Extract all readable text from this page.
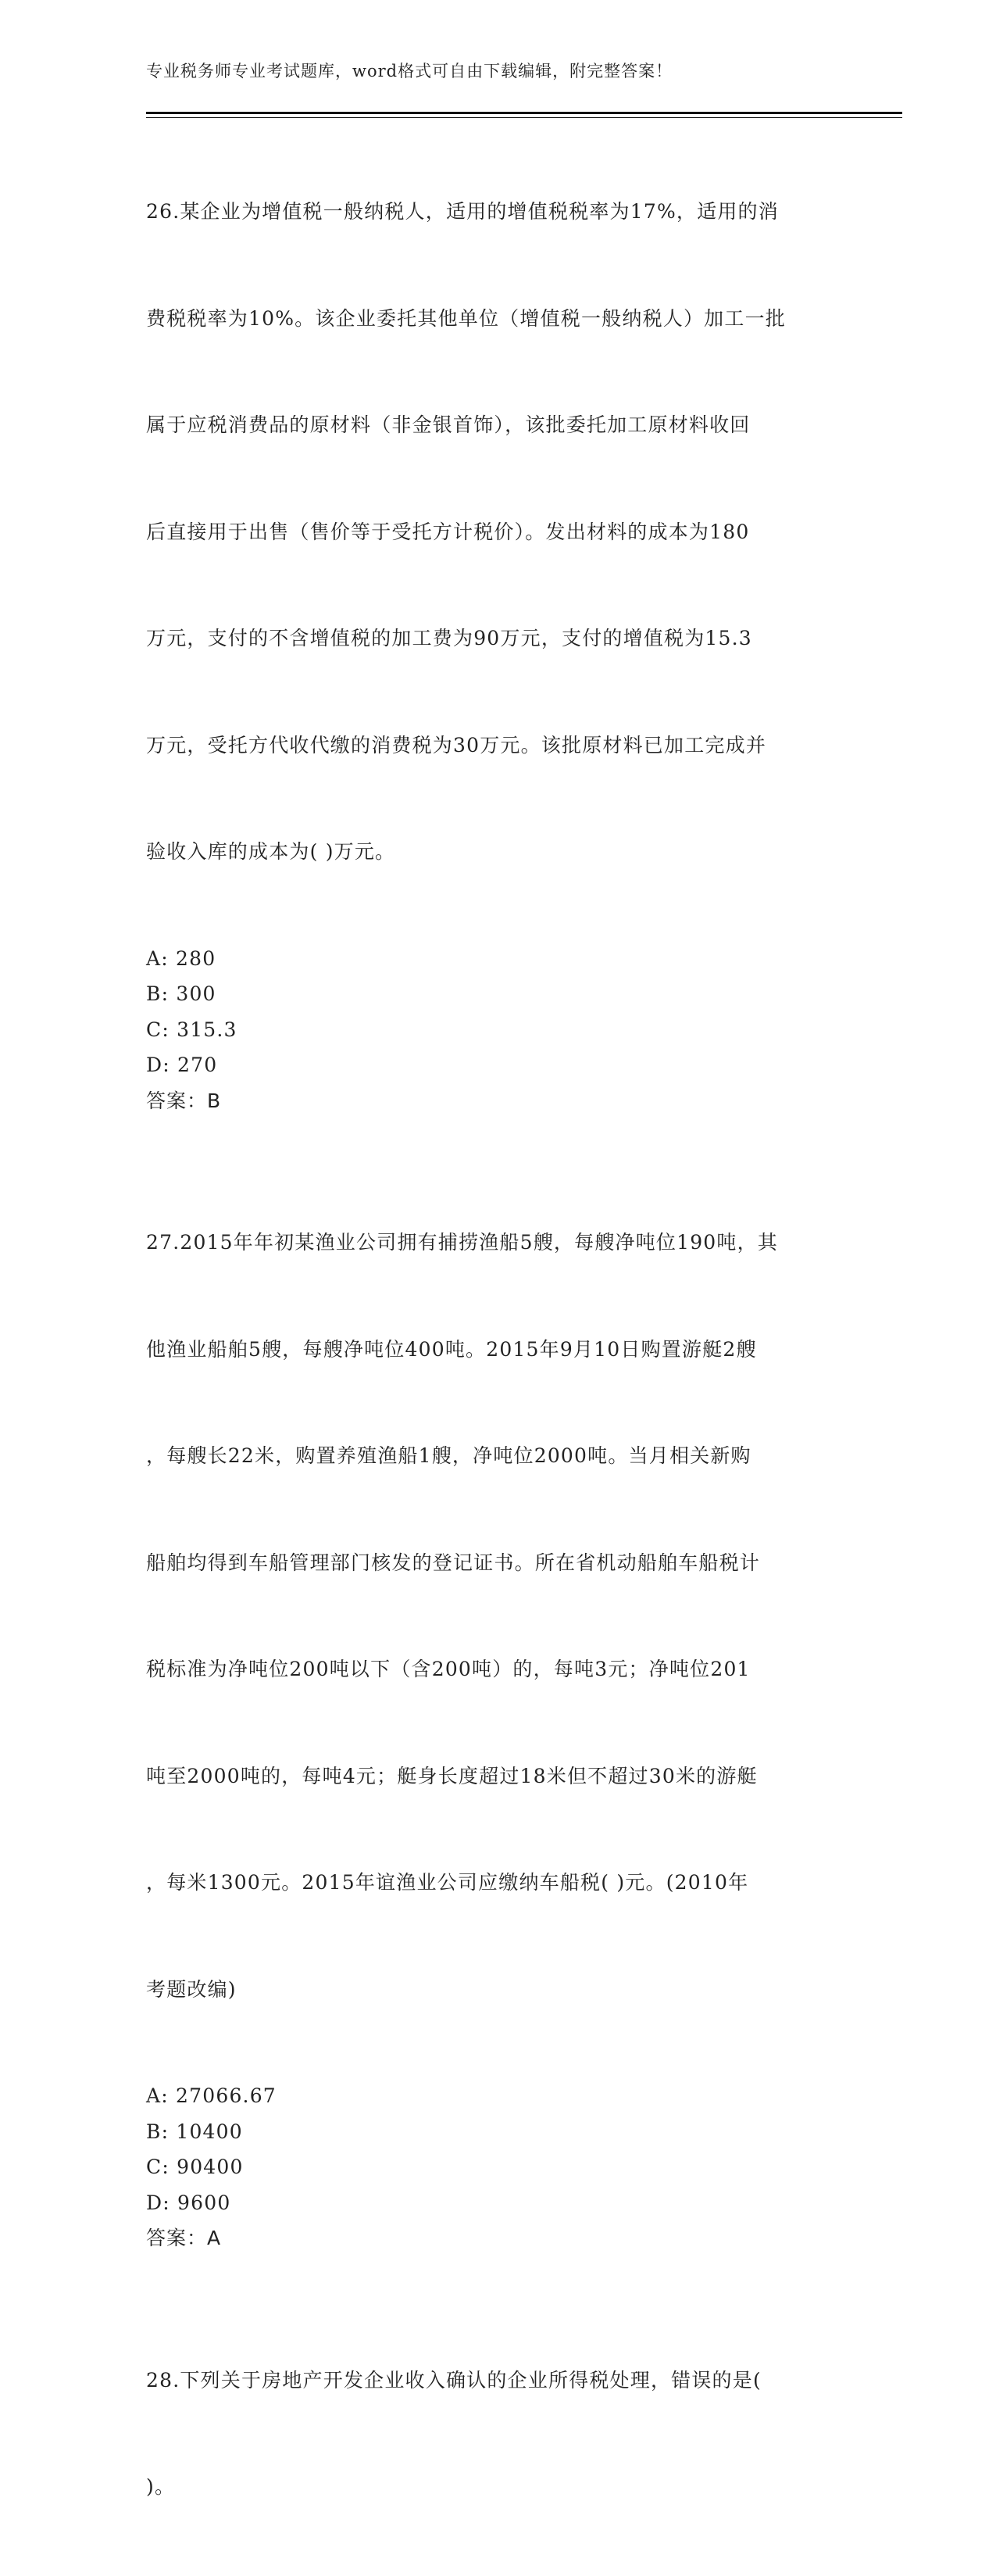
专业税务师专业考试题库，word格式可自由下载编辑，附完整答案！

26.某企业为增值税一般纳税人，适用的增值税税率为17%，适用的消

费税税率为10%。该企业委托其他单位（增值税一般纳税人）加工一批

属于应税消费品的原材料（非金银首饰），该批委托加工原材料收回

后直接用于出售（售价等于受托方计税价）。发出材料的成本为180

万元，支付的不含增值税的加工费为90万元，支付的增值税为15.3

万元，受托方代收代缴的消费税为30万元。该批原材料已加工完成并

验收入库的成本为( )万元。

A: 280
B: 300
C: 315.3
D: 270
答案：B

27.2015年年初某渔业公司拥有捕捞渔船5艘，每艘净吨位190吨，其

他渔业船舶5艘，每艘净吨位400吨。2015年9月10日购置游艇2艘

，每艘长22米，购置养殖渔船1艘，净吨位2000吨。当月相关新购

船舶均得到车船管理部门核发的登记证书。所在省机动船舶车船税计

税标准为净吨位200吨以下（含200吨）的，每吨3元；净吨位201

吨至2000吨的，每吨4元；艇身长度超过18米但不超过30米的游艇

，每米1300元。2015年谊渔业公司应缴纳车船税( )元。(2010年

考题改编)

A: 27066.67
B: 10400
C: 90400
D: 9600
答案：A

28.下列关于房地产开发企业收入确认的企业所得税处理，错误的是(

)。
